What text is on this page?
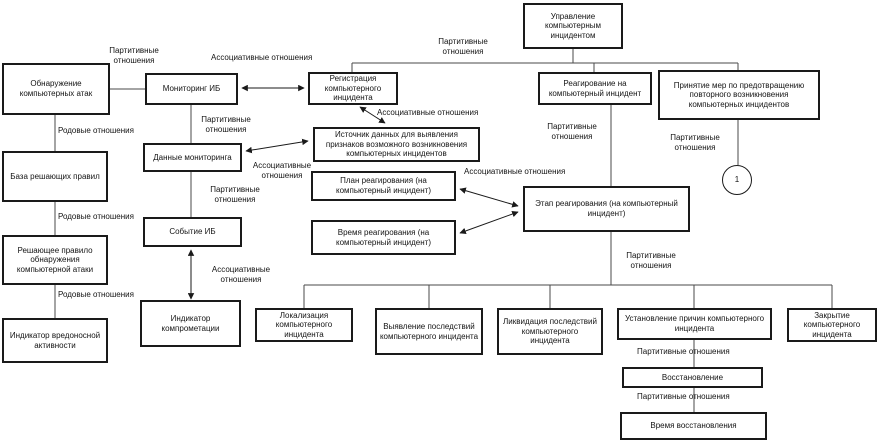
Управление компьютерным инцидентом
Обнаружение компьютерных атак
Мониторинг ИБ
Регистрация компьютерного инцидента
Реагирование на компьютерный инцидент
Принятие мер по предотвращению повторного возникновения компьютерных инцидентов
База решающих правил
Данные мониторинга
Источник данных для выявления признаков возможного возникновения компьютерных инцидентов
План реагирования (на компьютерный инцидент)
Время реагирования (на компьютерный инцидент)
Этап реагирования (на компьютерный инцидент)
Решающее правило обнаружения компьютерной атаки
Событие ИБ
Индикатор вредоносной активности
Индикатор компрометации
Локализация компьютерного инцидента
Выявление последствий компьютерного инцидента
Ликвидация последствий компьютерного инцидента
Установление причин компьютерного инцидента
Закрытие компьютерного инцидента
Восстановление
Время восстановления
1
Партитивные отношения	Ассоциативные отношения
Партитивные отношения
Родовые отношения
Партитивные отношения
Ассоциативные отношения
Ассоциативные отношения
Партитивные отношения
Партитивные отношения	Партитивные отношения
Ассоциативные отношения
Ассоциативные отношения
Родовые отношения
Родовые отношения
Партитивные отношения
Партитивные отношения
Партитивные отношения
